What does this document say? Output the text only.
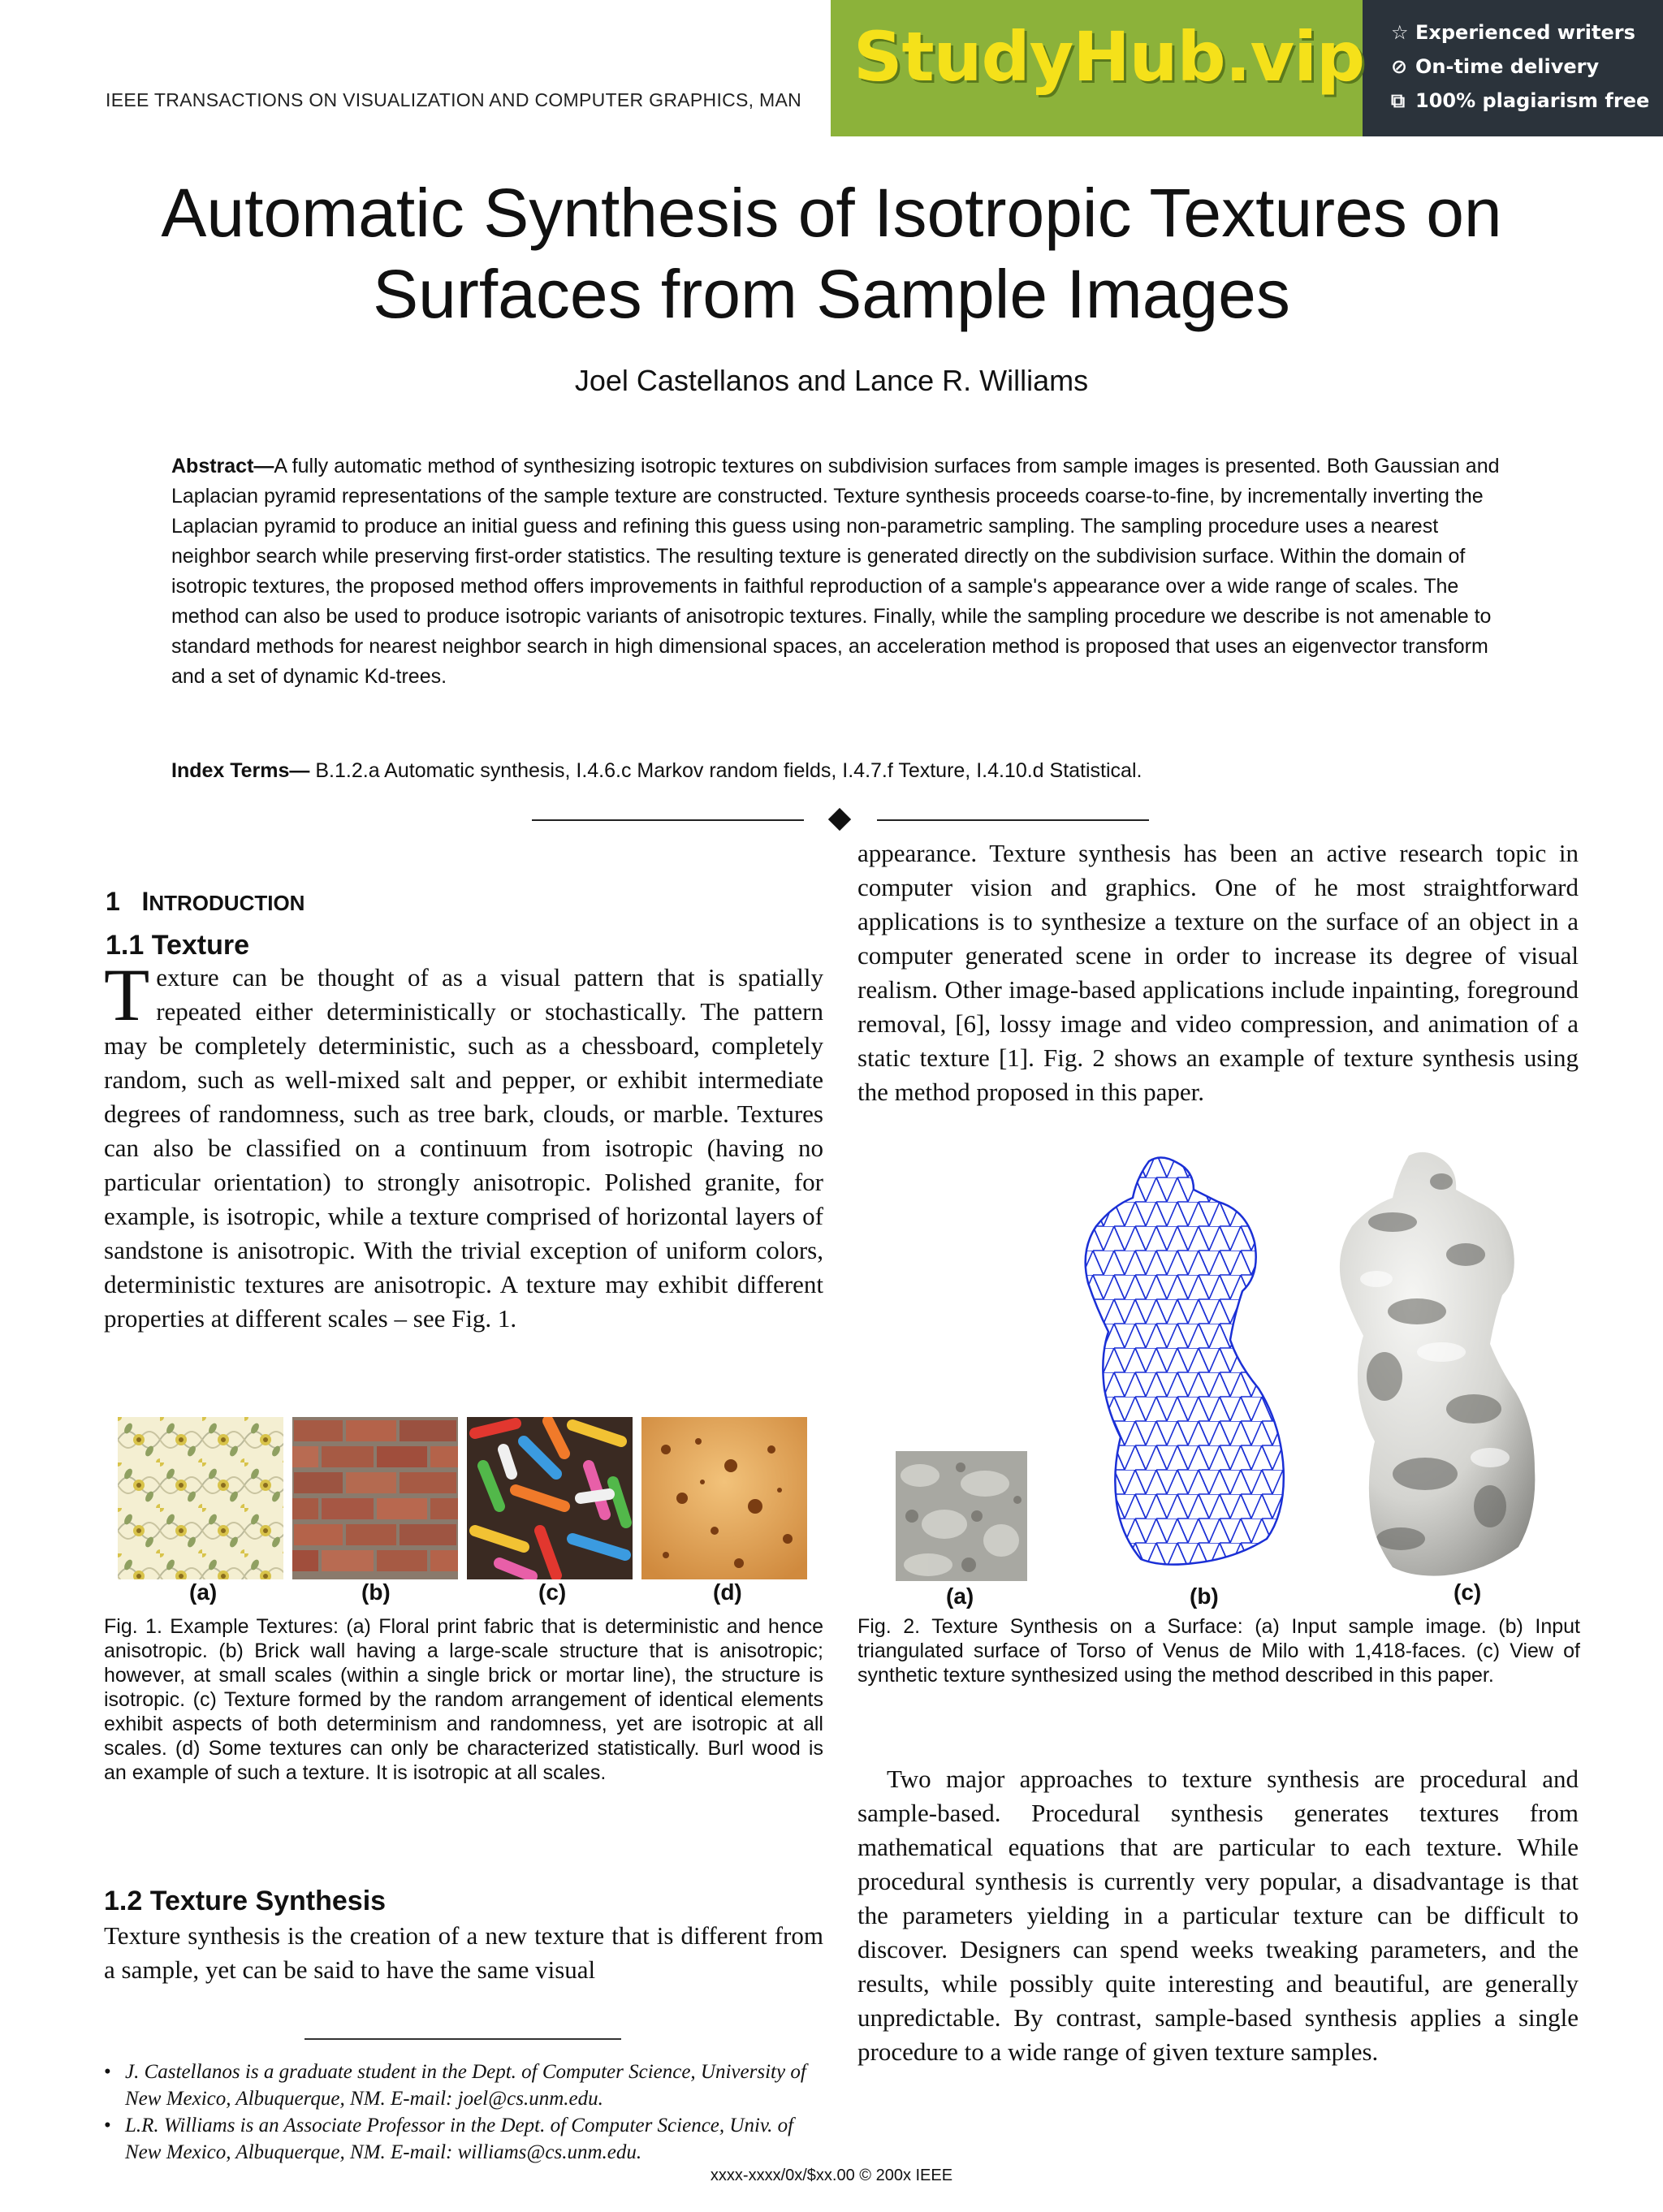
IEEE TRANSACTIONS ON VISUALIZATION AND COMPUTER GRAPHICS, MAN
StudyHub.vip ☆ Experienced writers
⊘ On-time delivery
⧉ 100% plagiarism free
Automatic Synthesis of Isotropic Textures on
Surfaces from Sample Images
Joel Castellanos and Lance R. Williams
Abstract—A fully automatic method of synthesizing isotropic textures on subdivision surfaces from sample images is presented. Both Gaussian and Laplacian pyramid representations of the sample texture are constructed. Texture synthesis proceeds coarse-to-fine, by incrementally inverting the Laplacian pyramid to produce an initial guess and refining this guess using non-parametric sampling. The sampling procedure uses a nearest neighbor search while preserving first-order statistics. The resulting texture is generated directly on the subdivision surface. Within the domain of isotropic textures, the proposed method offers improvements in faithful reproduction of a sample's appearance over a wide range of scales. The method can also be used to produce isotropic variants of anisotropic textures. Finally, while the sampling procedure we describe is not amenable to standard methods for nearest neighbor search in high dimensional spaces, an acceleration method is proposed that uses an eigenvector transform and a set of dynamic Kd-trees.
Index Terms— B.1.2.a Automatic synthesis, I.4.6.c Markov random fields, I.4.7.f Texture, I.4.10.d Statistical.
1 INTRODUCTION
1.1 Texture

Texture can be thought of as a visual pattern that is spatially repeated either deterministically or stochastically. The pattern may be completely deterministic, such as a chessboard, completely random, such as well-mixed salt and pepper, or exhibit intermediate degrees of randomness, such as tree bark, clouds, or marble. Textures can also be classified on a continuum from isotropic (having no particular orientation) to strongly anisotropic. Polished granite, for example, is isotropic, while a texture comprised of horizontal layers of sandstone is anisotropic. With the trivial exception of uniform colors, deterministic textures are anisotropic. A texture may exhibit different properties at different scales – see Fig. 1.

(a)	(b)	(c)	(d)
Fig. 1. Example Textures: (a) Floral print fabric that is deterministic and hence anisotropic. (b) Brick wall having a large-scale structure that is anisotropic; however, at small scales (within a single brick or mortar line), the structure is isotropic. (c) Texture formed by the random arrangement of identical elements exhibit aspects of both determinism and randomness, yet are isotropic at all scales. (d) Some textures can only be characterized statistically. Burl wood is an example of such a texture. It is isotropic at all scales.
1.2 Texture Synthesis

Texture synthesis is the creation of a new texture that is different from a sample, yet can be said to have the same visual

• J. Castellanos is a graduate student in the Dept. of Computer Science, University of New Mexico, Albuquerque, NM. E-mail: joel@cs.unm.edu.
• L.R. Williams is an Associate Professor in the Dept. of Computer Science, Univ. of New Mexico, Albuquerque, NM. E-mail: williams@cs.unm.edu.
xxxx-xxxx/0x/$xx.00 © 200x IEEE

appearance. Texture synthesis has been an active research topic in computer vision and graphics. One of he most straightforward applications is to synthesize a texture on the surface of an object in a computer generated scene in order to increase its degree of visual realism. Other image-based applications include inpainting, foreground removal, [6], lossy image and video compression, and animation of a static texture [1]. Fig. 2 shows an example of texture synthesis using the method proposed in this paper.

(a)	(b)	(c)
Fig. 2. Texture Synthesis on a Surface: (a) Input sample image. (b) Input triangulated surface of Torso of Venus de Milo with 1,418-faces. (c) View of synthetic texture synthesized using the method described in this paper.

Two major approaches to texture synthesis are procedural and sample-based. Procedural synthesis generates textures from mathematical equations that are particular to each texture. While procedural synthesis is currently very popular, a disadvantage is that the parameters yielding in a particular texture can be difficult to discover. Designers can spend weeks tweaking parameters, and the results, while possibly quite interesting and beautiful, are generally unpredictable. By contrast, sample-based synthesis applies a single procedure to a wide range of given texture samples.
